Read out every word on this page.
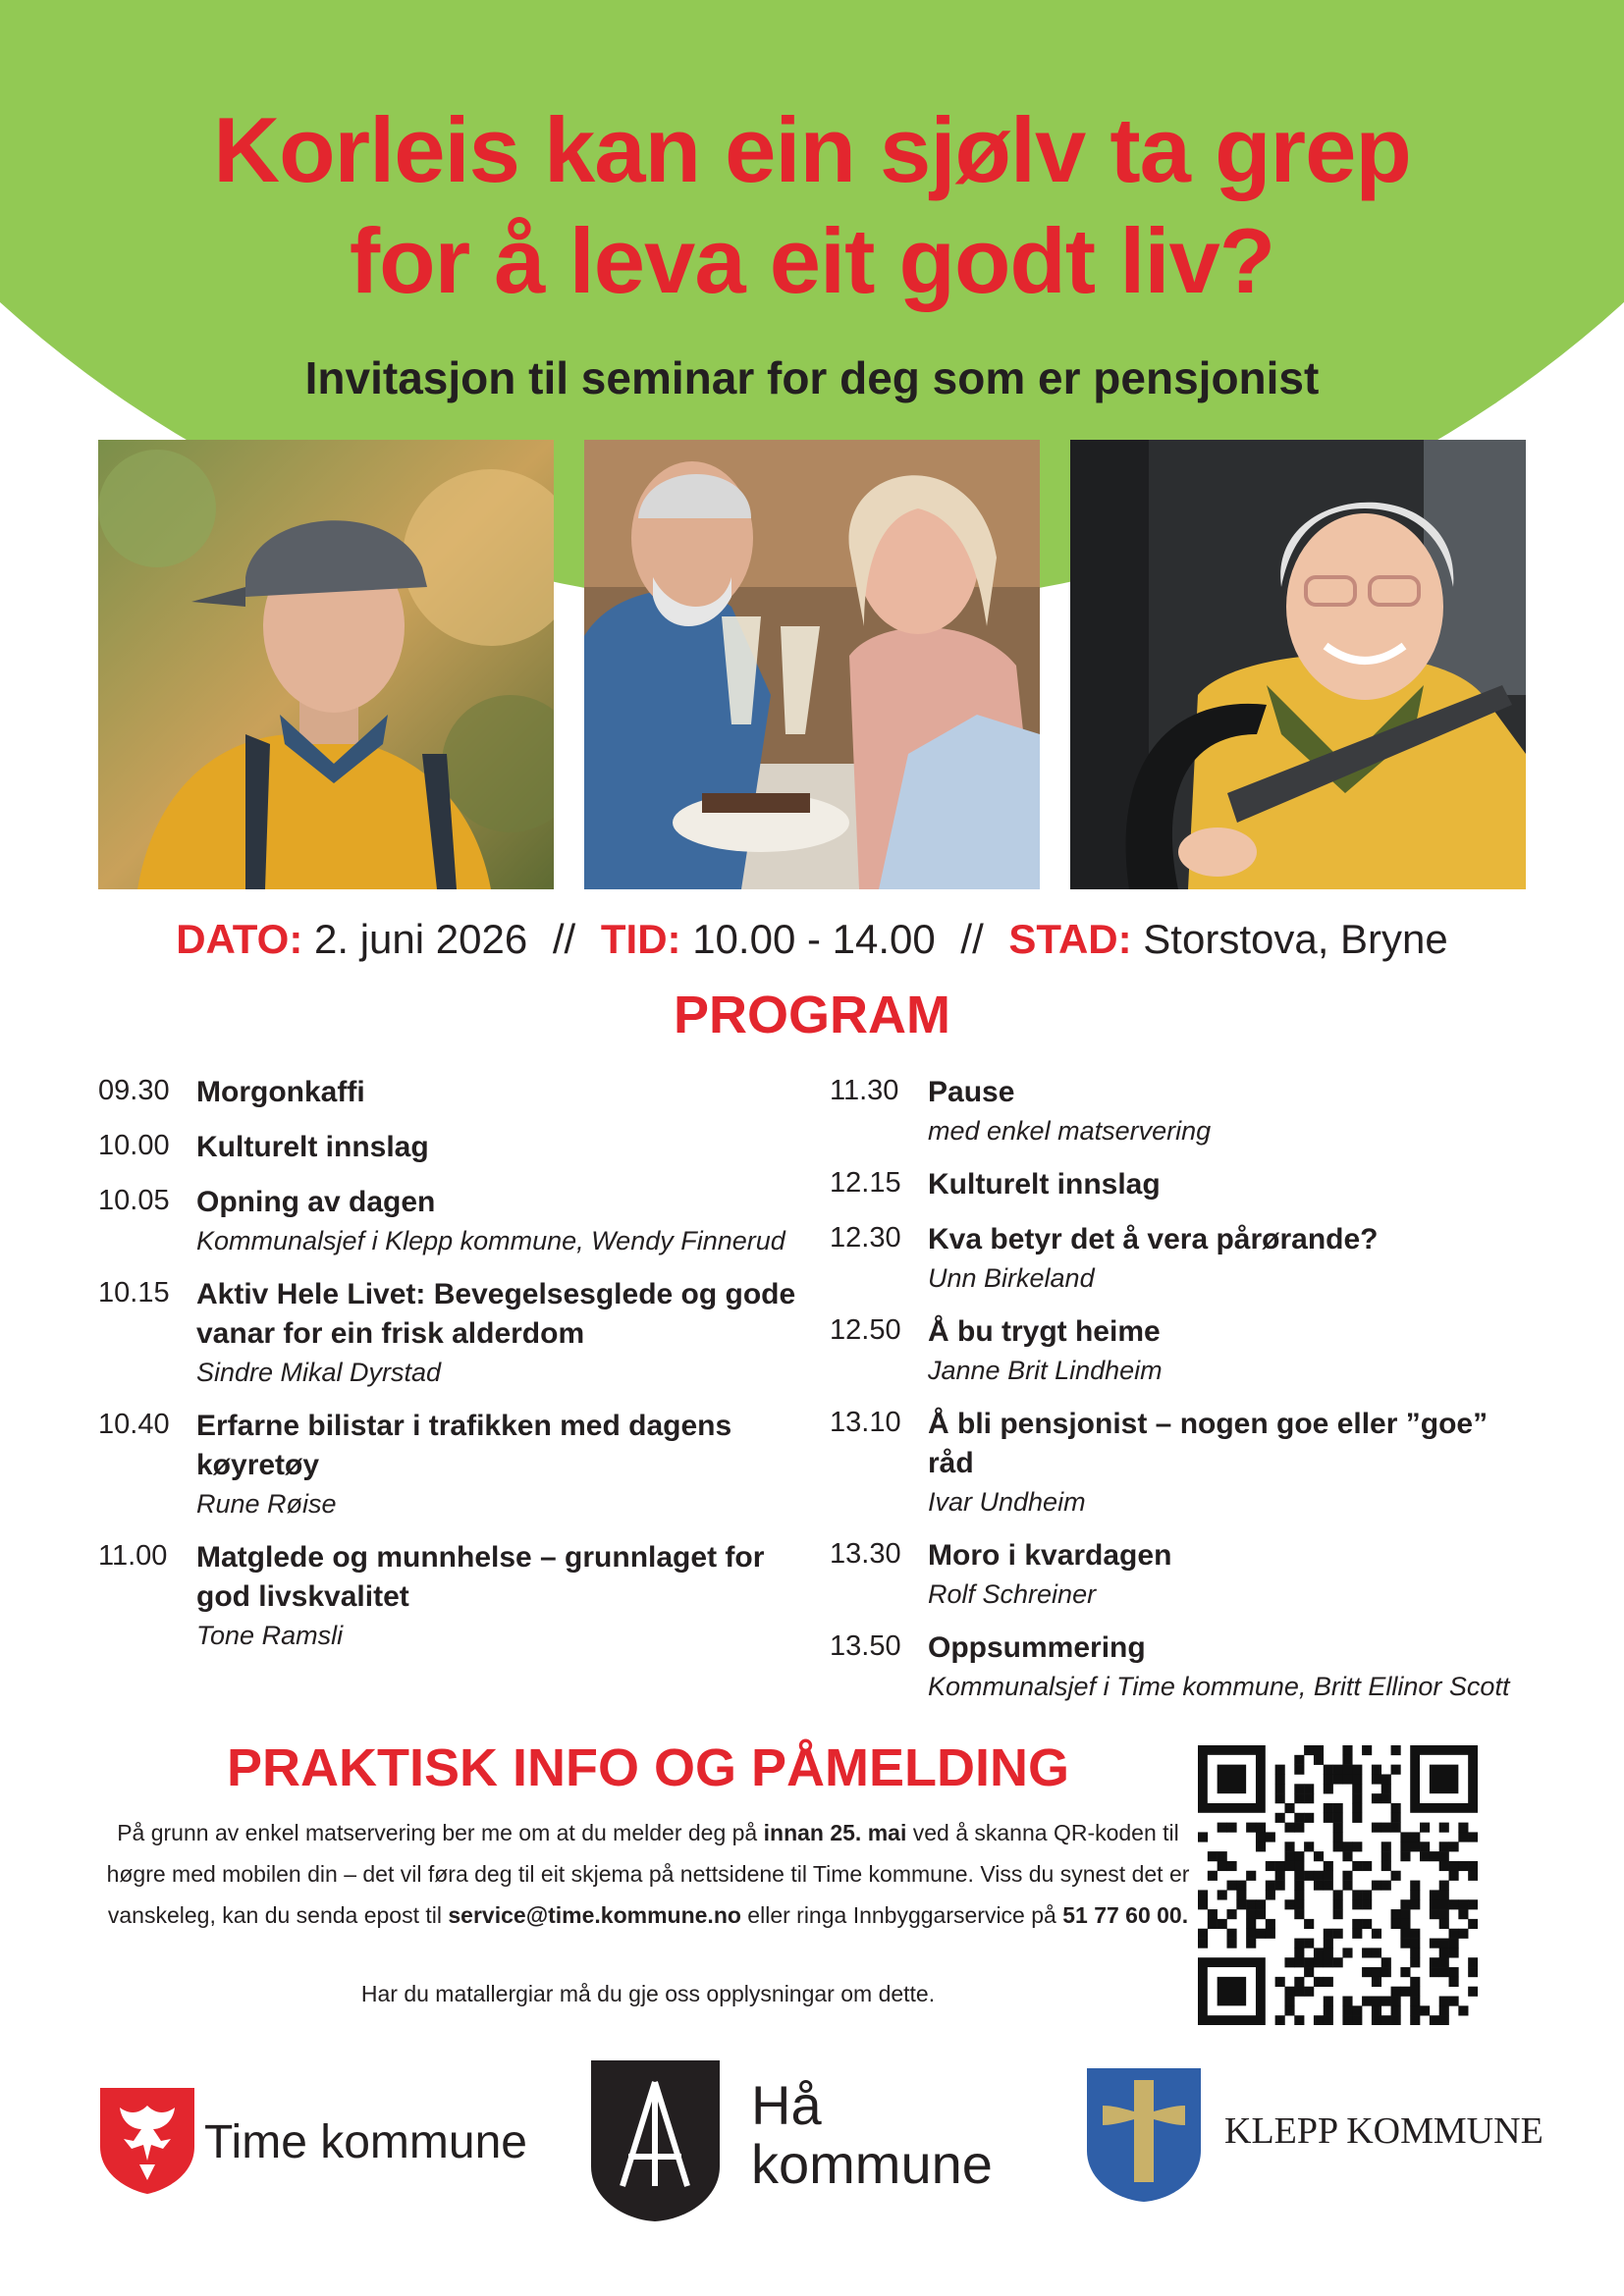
Korleis kan ein sjølv ta grep
for å leva eit godt liv?
Invitasjon til seminar for deg som er pensjonist
DATO: 2. juni 2026 // TID: 10.00 - 14.00 // STAD: Storstova, Bryne
PROGRAM
09.30 Morgonkaffi
10.00 Kulturelt innslag
10.05 Opning av dagen
Kommunalsjef i Klepp kommune, Wendy Finnerud
10.15 Aktiv Hele Livet: Bevegelsesglede og gode vanar for ein frisk alderdom
Sindre Mikal Dyrstad
10.40 Erfarne bilistar i trafikken med dagens køyretøy
Rune Røise
11.00 Matglede og munnhelse – grunnlaget for god livskvalitet
Tone Ramsli
11.30 Pause
med enkel matservering
12.15 Kulturelt innslag
12.30 Kva betyr det å vera pårørande?
Unn Birkeland
12.50 Å bu trygt heime
Janne Brit Lindheim
13.10 Å bli pensjonist – nogen goe eller ”goe” råd
Ivar Undheim
13.30 Moro i kvardagen
Rolf Schreiner
13.50 Oppsummering
Kommunalsjef i Time kommune, Britt Ellinor Scott
PRAKTISK INFO OG PÅMELDING
På grunn av enkel matservering ber me om at du melder deg på innan 25. mai ved å skanna QR-koden til høgre med mobilen din – det vil føra deg til eit skjema på nettsidene til Time kommune. Viss du synest det er vanskeleg, kan du senda epost til service@time.kommune.no eller ringa Innbyggarservice på 51 77 60 00.
Har du matallergiar må du gje oss opplysningar om dette.
Time kommune
Hå
kommune
KLEPP KOMMUNE
